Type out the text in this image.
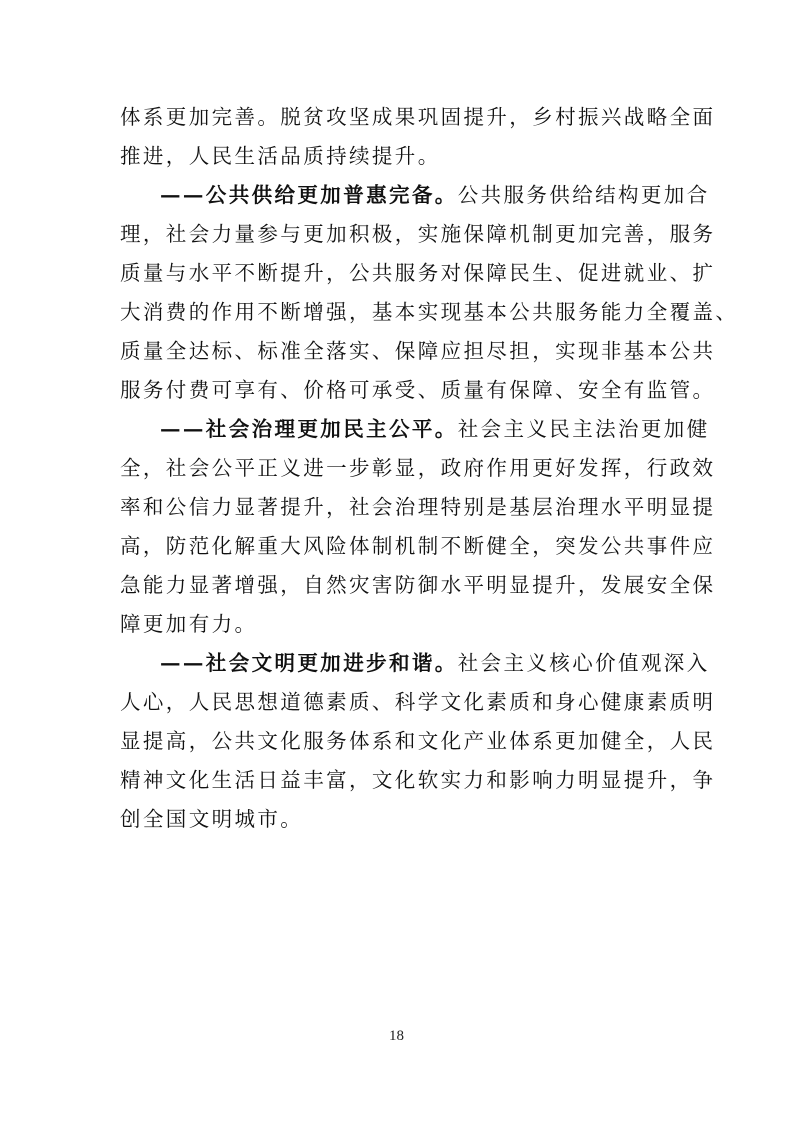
体系更加完善。脱贫攻坚成果巩固提升，乡村振兴战略全面
推进，人民生活品质持续提升。
——公共供给更加普惠完备。公共服务供给结构更加合
理，社会力量参与更加积极，实施保障机制更加完善，服务
质量与水平不断提升，公共服务对保障民生、促进就业、扩
大消费的作用不断增强，基本实现基本公共服务能力全覆盖、
质量全达标、标准全落实、保障应担尽担，实现非基本公共
服务付费可享有、价格可承受、质量有保障、安全有监管。
——社会治理更加民主公平。社会主义民主法治更加健
全，社会公平正义进一步彰显，政府作用更好发挥，行政效
率和公信力显著提升，社会治理特别是基层治理水平明显提
高，防范化解重大风险体制机制不断健全，突发公共事件应
急能力显著增强，自然灾害防御水平明显提升，发展安全保
障更加有力。
——社会文明更加进步和谐。社会主义核心价值观深入
人心，人民思想道德素质、科学文化素质和身心健康素质明
显提高，公共文化服务体系和文化产业体系更加健全，人民
精神文化生活日益丰富，文化软实力和影响力明显提升，争
创全国文明城市。
18
